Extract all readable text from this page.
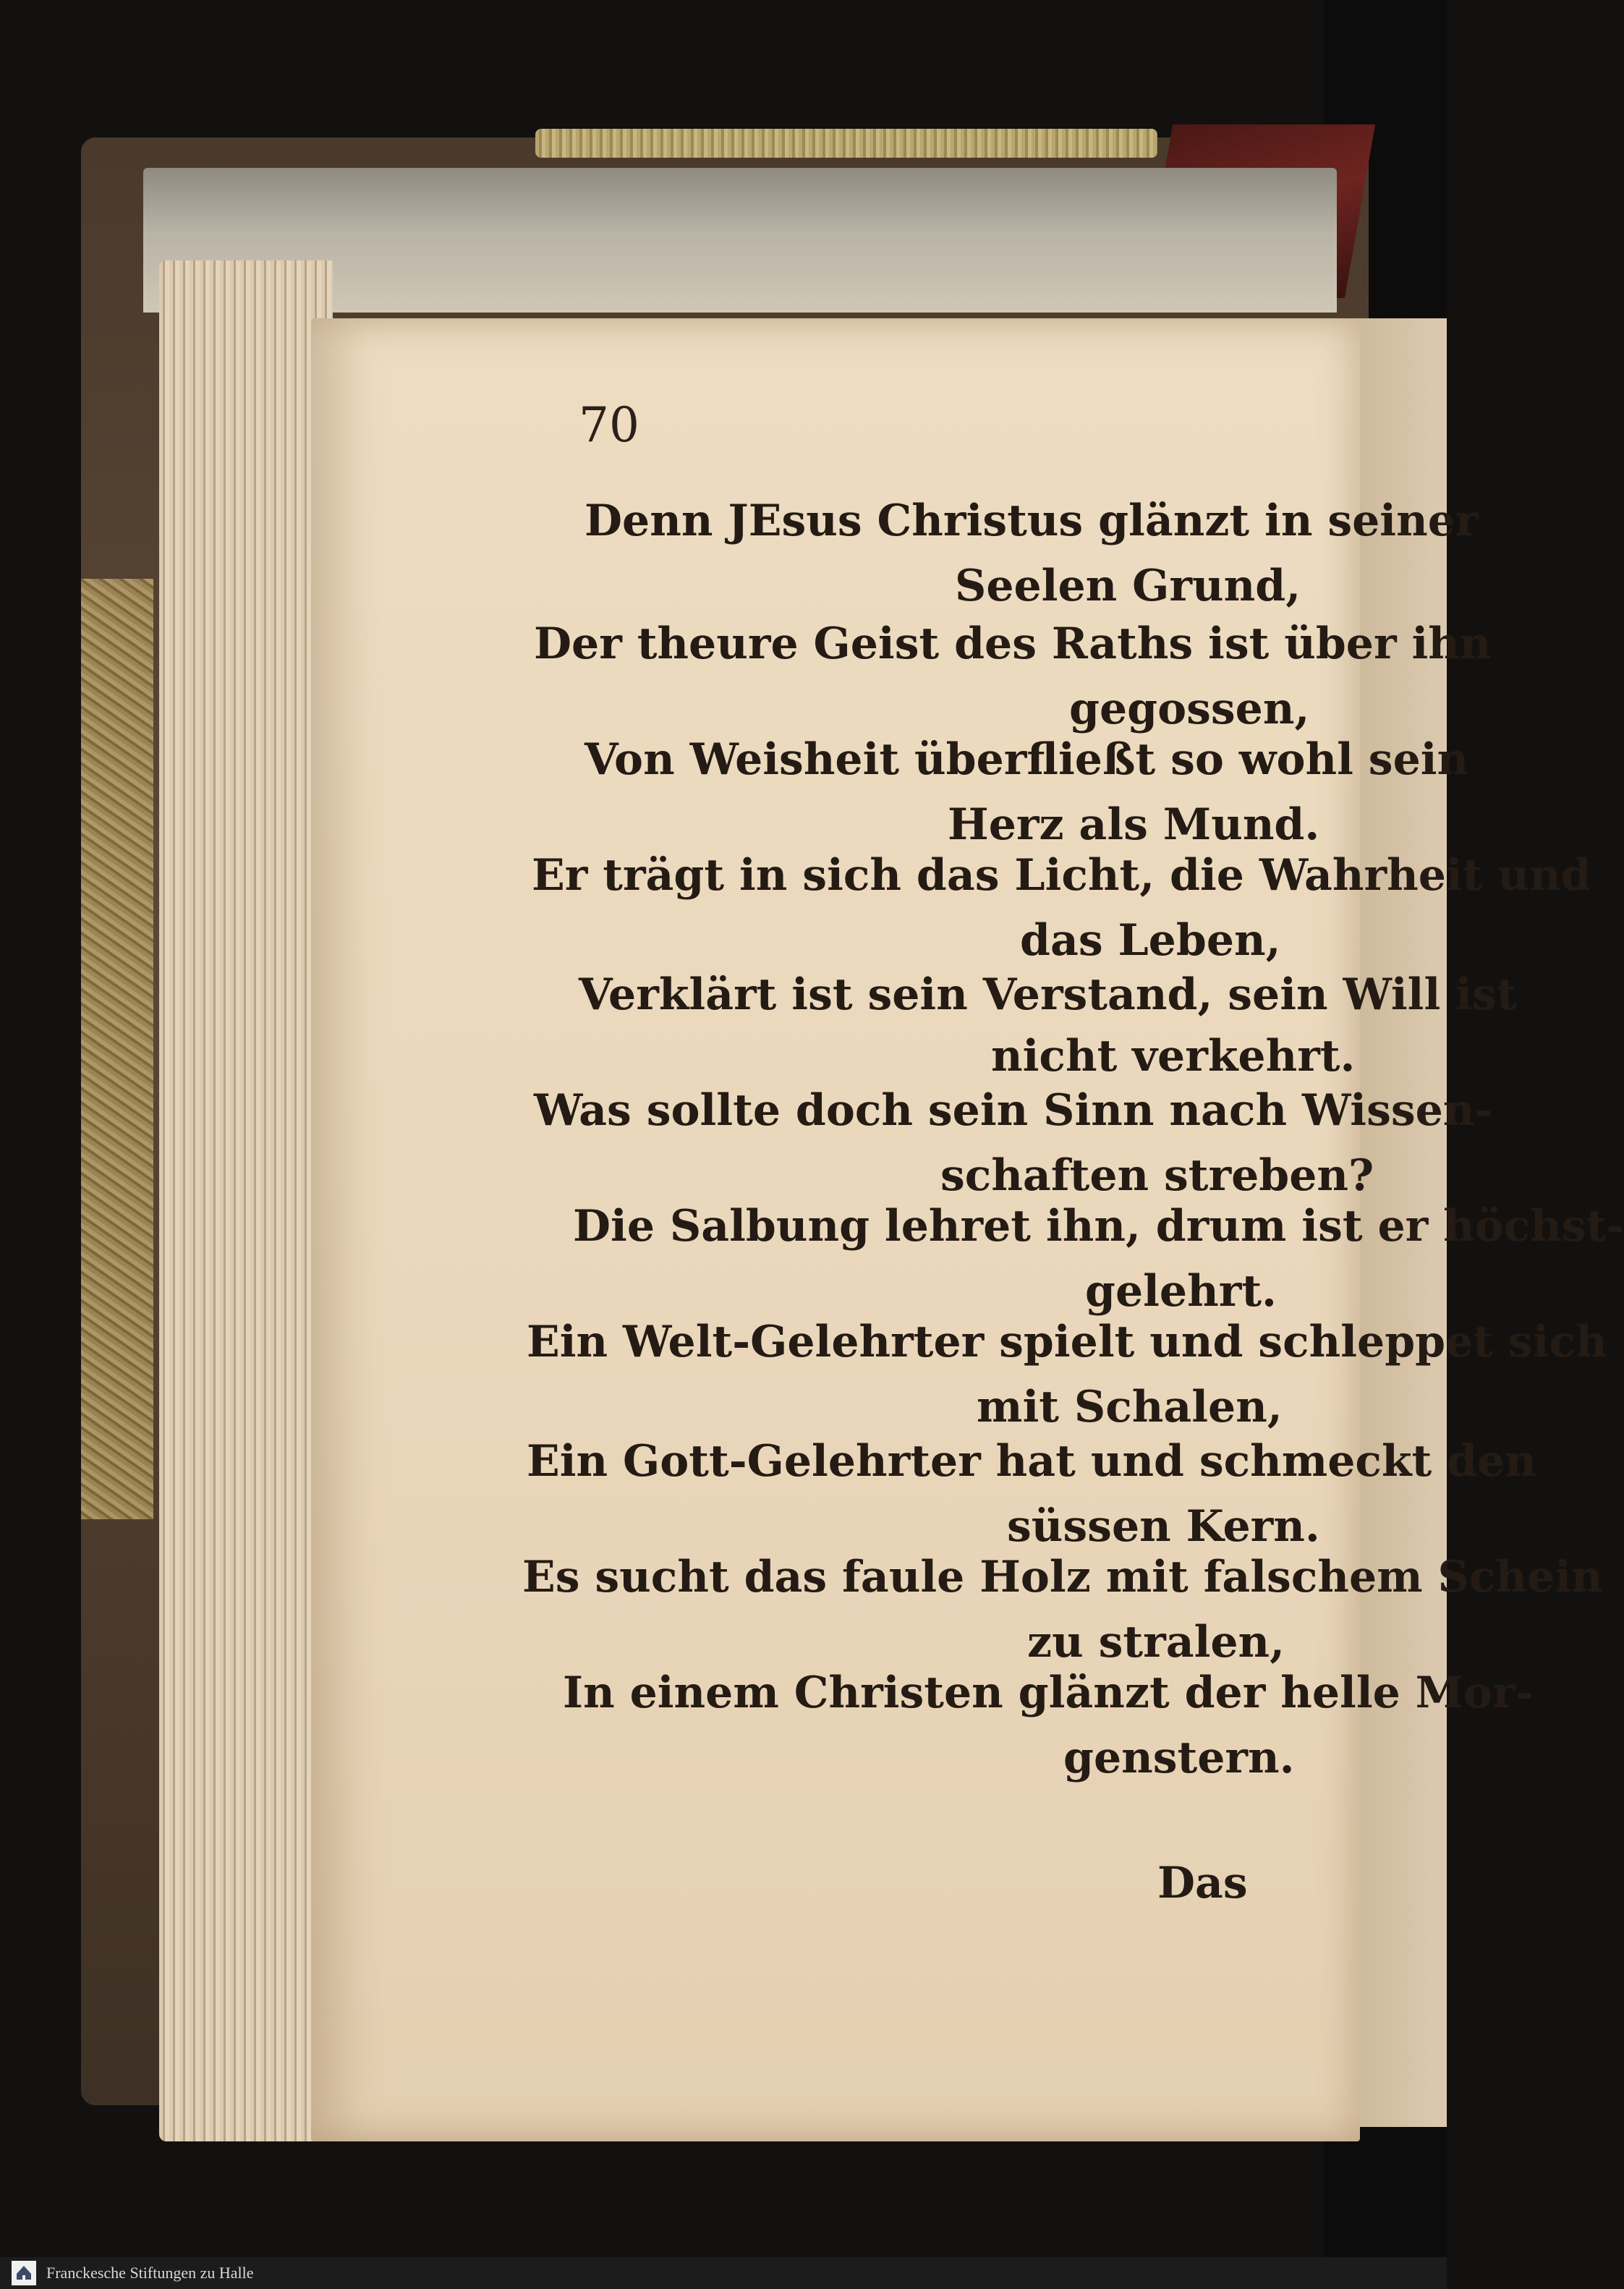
70
Denn JEsus Christus glänzt in seiner
Seelen Grund,
Der theure Geist des Raths ist über ihn
gegossen,
Von Weisheit überfließt so wohl sein
Herz als Mund.
Er trägt in sich das Licht, die Wahrheit und
das Leben,
Verklärt ist sein Verstand, sein Will ist
nicht verkehrt.
Was sollte doch sein Sinn nach Wissen-
schaften streben?
Die Salbung lehret ihn, drum ist er höchst-
gelehrt.
Ein Welt-Gelehrter spielt und schleppet sich
mit Schalen,
Ein Gott-Gelehrter hat und schmeckt den
süssen Kern.
Es sucht das faule Holz mit falschem Schein
zu stralen,
In einem Christen glänzt der helle Mor-
genstern.
Das
Franckesche Stiftungen zu Halle
